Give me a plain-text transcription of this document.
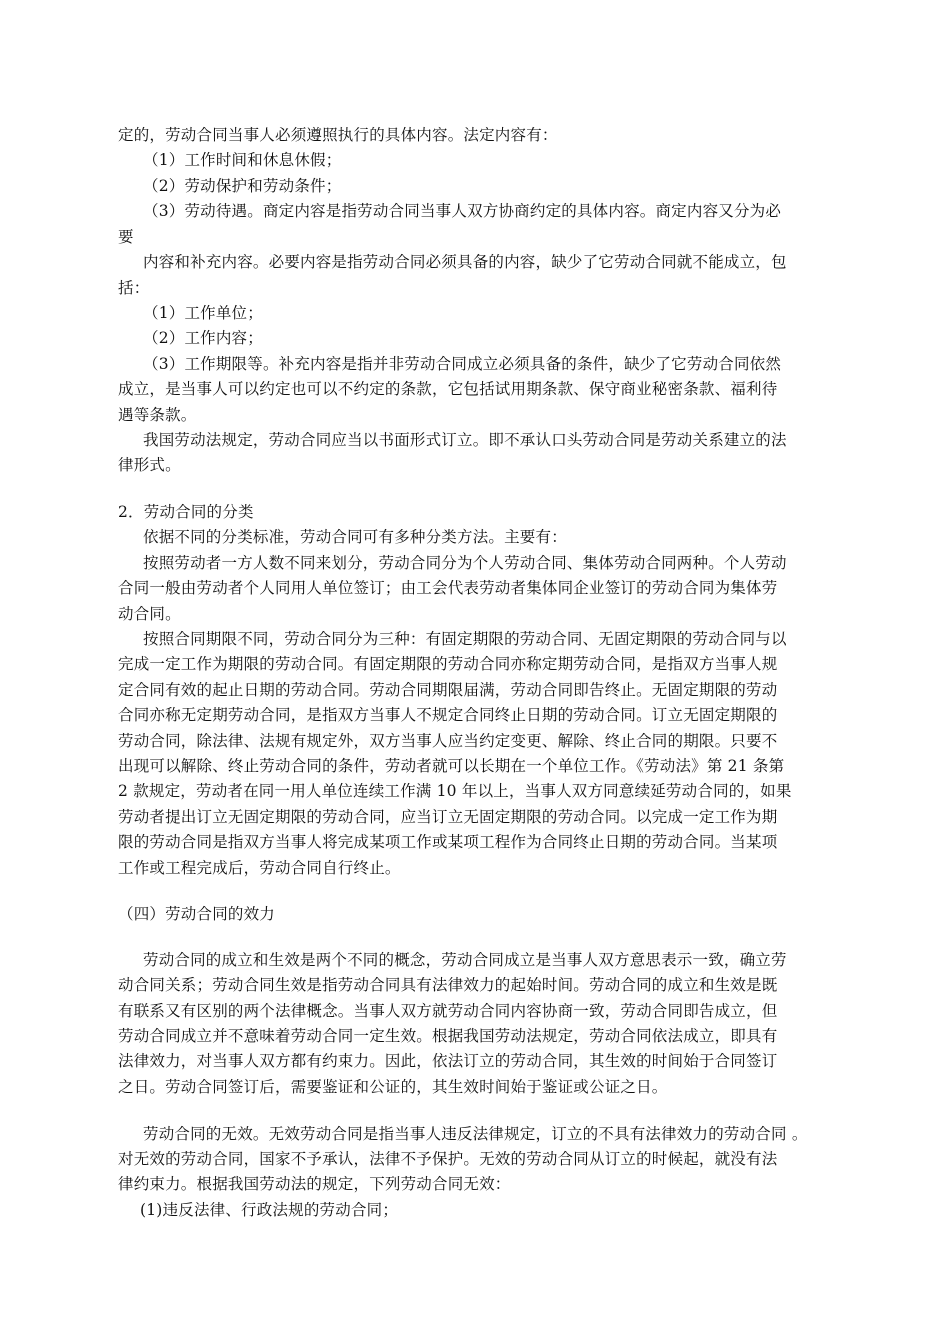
定的，劳动合同当事人必须遵照执行的具体内容。法定内容有：
（1）工作时间和休息休假；
（2）劳动保护和劳动条件；
（3）劳动待遇。商定内容是指劳动合同当事人双方协商约定的具体内容。商定内容又分为必
要
内容和补充内容。必要内容是指劳动合同必须具备的内容，缺少了它劳动合同就不能成立，包
括：
（1）工作单位；
（2）工作内容；
（3）工作期限等。补充内容是指并非劳动合同成立必须具备的条件，缺少了它劳动合同依然
成立，是当事人可以约定也可以不约定的条款，它包括试用期条款、保守商业秘密条款、福利待
遇等条款。
我国劳动法规定，劳动合同应当以书面形式订立。即不承认口头劳动合同是劳动关系建立的法
律形式。
2．劳动合同的分类
依据不同的分类标准，劳动合同可有多种分类方法。主要有：
按照劳动者一方人数不同来划分，劳动合同分为个人劳动合同、集体劳动合同两种。个人劳动
合同一般由劳动者个人同用人单位签订；由工会代表劳动者集体同企业签订的劳动合同为集体劳
动合同。
按照合同期限不同，劳动合同分为三种：有固定期限的劳动合同、无固定期限的劳动合同与以
完成一定工作为期限的劳动合同。有固定期限的劳动合同亦称定期劳动合同，是指双方当事人规
定合同有效的起止日期的劳动合同。劳动合同期限届满，劳动合同即告终止。无固定期限的劳动
合同亦称无定期劳动合同，是指双方当事人不规定合同终止日期的劳动合同。订立无固定期限的
劳动合同，除法律、法规有规定外，双方当事人应当约定变更、解除、终止合同的期限。只要不
出现可以解除、终止劳动合同的条件，劳动者就可以长期在一个单位工作。《劳动法》第 21 条第
2 款规定，劳动者在同一用人单位连续工作满 10 年以上，当事人双方同意续延劳动合同的，如果
劳动者提出订立无固定期限的劳动合同，应当订立无固定期限的劳动合同。以完成一定工作为期
限的劳动合同是指双方当事人将完成某项工作或某项工程作为合同终止日期的劳动合同。当某项
工作或工程完成后，劳动合同自行终止。
（四）劳动合同的效力
劳动合同的成立和生效是两个不同的概念，劳动合同成立是当事人双方意思表示一致，确立劳
动合同关系；劳动合同生效是指劳动合同具有法律效力的起始时间。劳动合同的成立和生效是既
有联系又有区别的两个法律概念。当事人双方就劳动合同内容协商一致，劳动合同即告成立，但
劳动合同成立并不意味着劳动合同一定生效。根据我国劳动法规定，劳动合同依法成立，即具有
法律效力，对当事人双方都有约束力。因此，依法订立的劳动合同，其生效的时间始于合同签订
之日。劳动合同签订后，需要鉴证和公证的，其生效时间始于鉴证或公证之日。
劳动合同的无效。无效劳动合同是指当事人违反法律规定，订立的不具有法律效力的劳动合同 。
对无效的劳动合同，国家不予承认，法律不予保护。无效的劳动合同从订立的时候起，就没有法
律约束力。根据我国劳动法的规定，下列劳动合同无效：
(1)违反法律、行政法规的劳动合同；
